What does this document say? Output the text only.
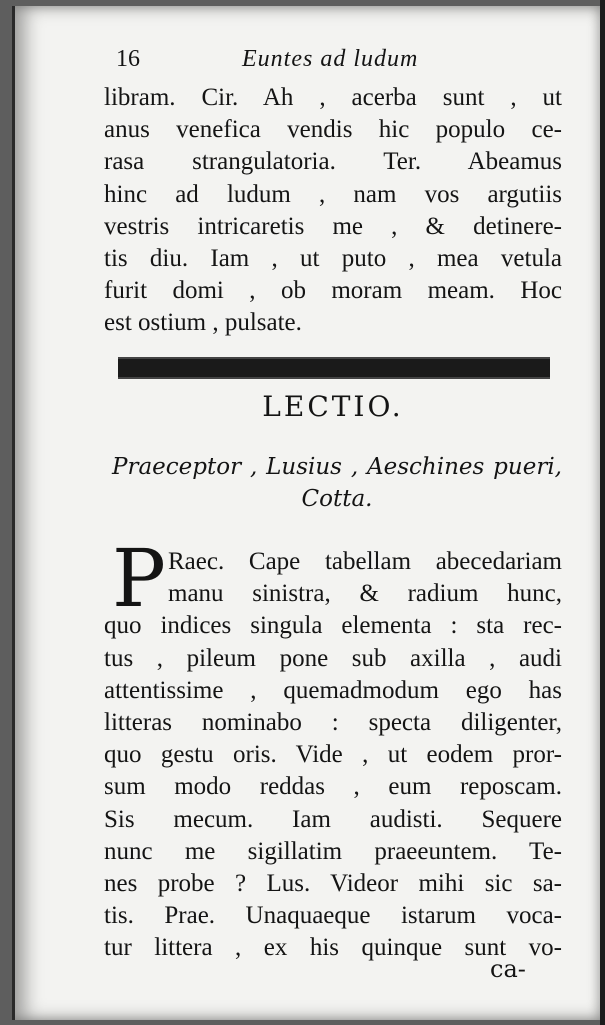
16	Euntes ad ludum
libram. Cir. Ah , acerba sunt , ut
anus venefica vendis hic populo ce-
rasa strangulatoria. Ter. Abeamus
hinc ad ludum , nam vos argutiis
vestris intricaretis me , & detinere-
tis diu. Iam , ut puto , mea vetula
furit domi , ob moram meam. Hoc
est ostium , pulsate.
LECTIO.
Praeceptor , Lusius , Aeschines pueri,
Cotta.
P Raec. Cape tabellam abecedariam
manu sinistra, & radium hunc,
quo indices singula elementa : sta rec-
tus , pileum pone sub axilla , audi
attentissime , quemadmodum ego has
litteras nominabo : specta diligenter,
quo gestu oris. Vide , ut eodem pror-
sum modo reddas , eum reposcam.
Sis mecum. Iam audisti. Sequere
nunc me sigillatim praeeuntem. Te-
nes probe ? Lus. Videor mihi sic sa-
tis. Prae. Unaquaeque istarum voca-
tur littera , ex his quinque sunt vo-
ca-
